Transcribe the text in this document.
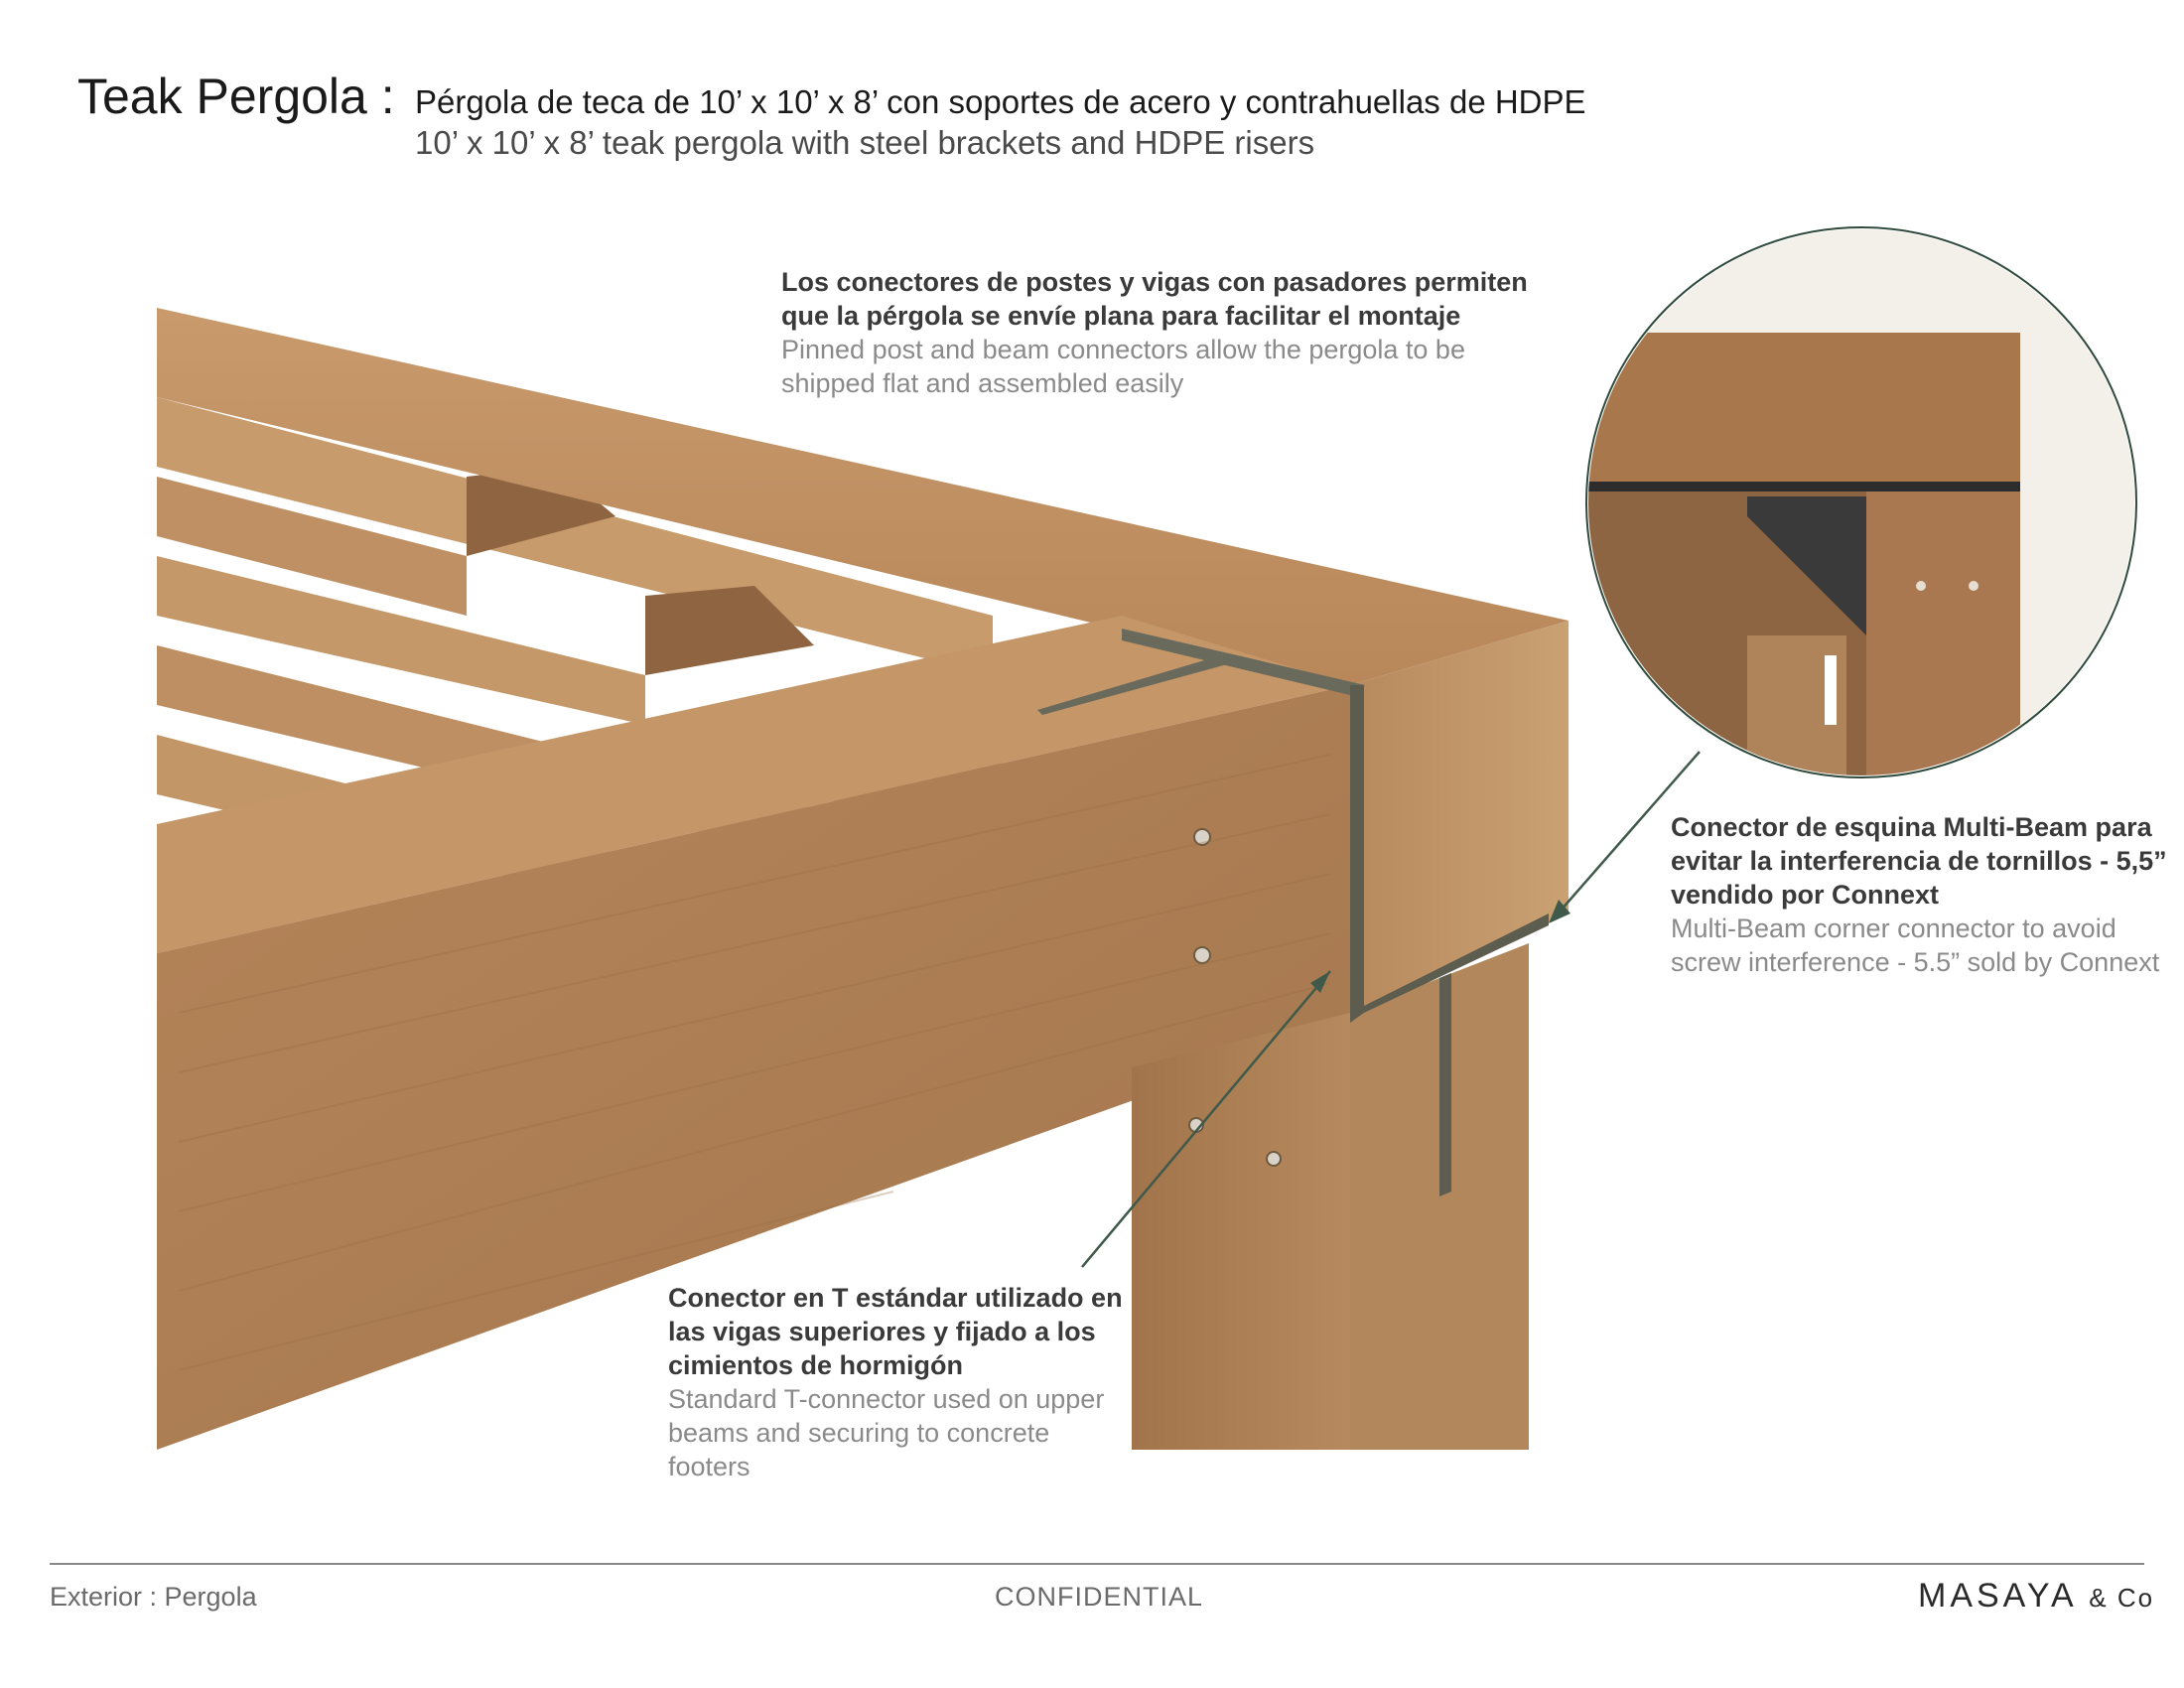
Teak Pergola : Pérgola de teca de 10’ x 10’ x 8’ con soportes de acero y contrahuellas de HDPE
10’ x 10’ x 8’ teak pergola with steel brackets and HDPE risers
Los conectores de postes y vigas con pasadores permiten que la pérgola se envíe plana para facilitar el montaje
Pinned post and beam connectors allow the pergola to be shipped flat and assembled easily
Conector de esquina Multi-Beam para evitar la interferencia de tornillos - 5,5” vendido por Connext
Multi-Beam corner connector to avoid screw interference - 5.5” sold by Connext
Conector en T estándar utilizado en las vigas superiores y fijado a los cimientos de hormigón
Standard T-connector used on upper beams and securing to concrete footers
Exterior : Pergola	CONFIDENTIAL	MASAYA & Co
